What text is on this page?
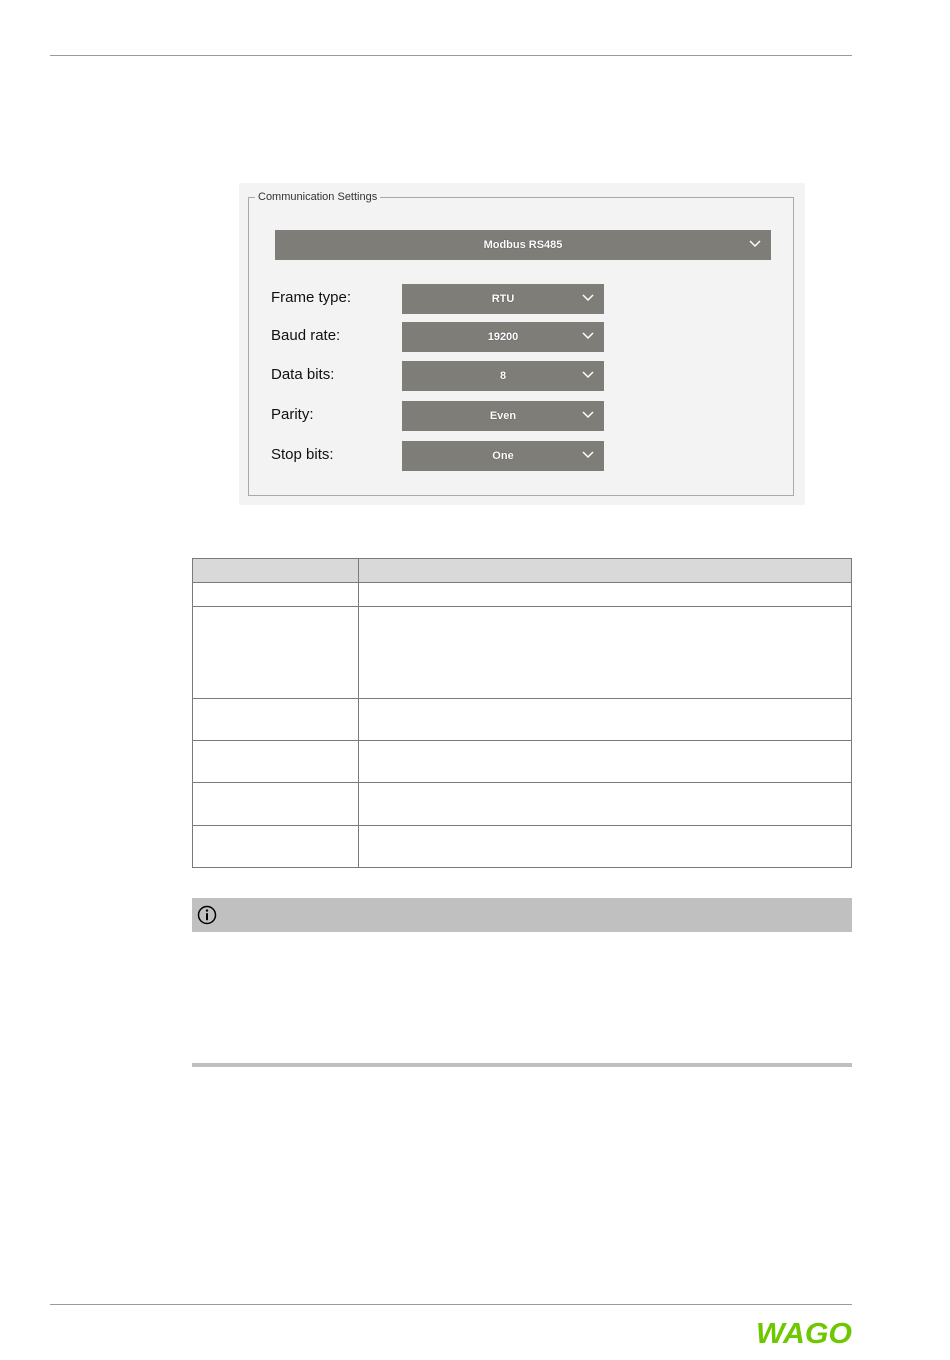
Communication Settings
Modbus RS485
Frame type:	RTU
Baud rate:	19200
Data bits:	8
Parity:	Even
Stop bits:	One

WAGO
